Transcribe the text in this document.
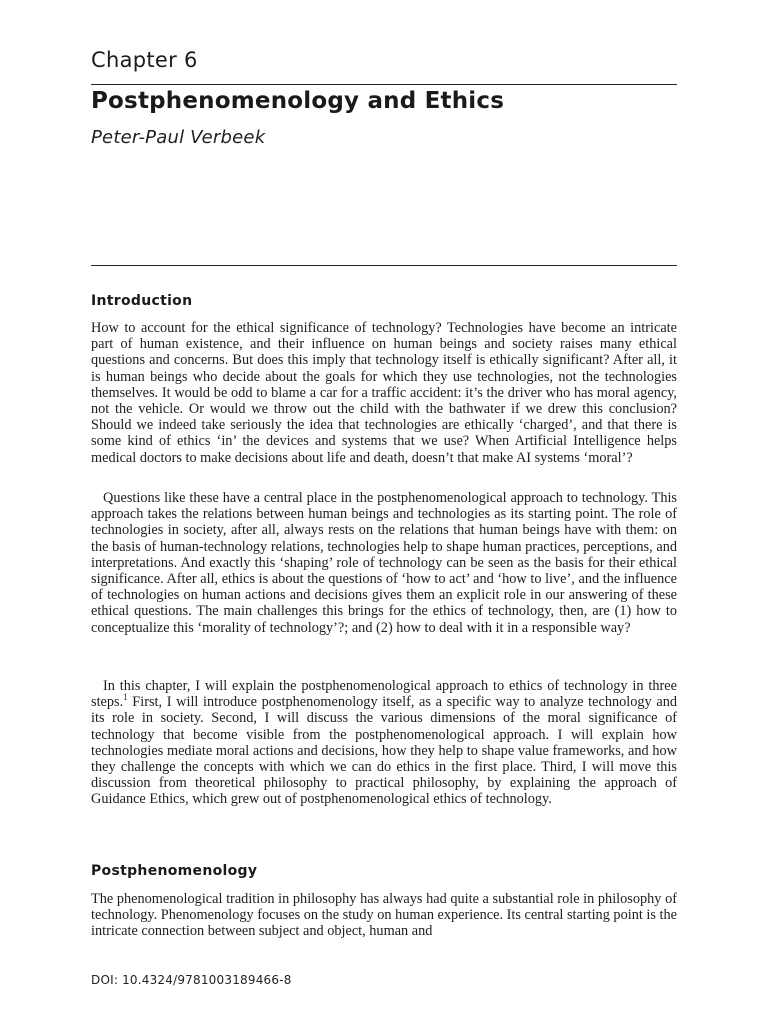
Chapter 6
Postphenomenology and Ethics
Peter-Paul Verbeek
Introduction

How to account for the ethical significance of technology? Technologies have become an intricate part of human existence, and their influence on human beings and society raises many ethical questions and concerns. But does this imply that technology itself is ethically significant? After all, it is human beings who decide about the goals for which they use technologies, not the technologies themselves. It would be odd to blame a car for a traffic accident: it’s the driver who has moral agency, not the vehicle. Or would we throw out the child with the bathwater if we drew this conclusion? Should we indeed take seriously the idea that technologies are ethically ‘charged’, and that there is some kind of ethics ‘in’ the devices and systems that we use? When Artificial Intelligence helps medical doctors to make decisions about life and death, doesn’t that make AI systems ‘moral’?

Questions like these have a central place in the postphenomenological approach to technology. This approach takes the relations between human beings and technologies as its starting point. The role of technologies in society, after all, always rests on the relations that human beings have with them: on the basis of human-technology relations, technologies help to shape human practices, perceptions, and interpretations. And exactly this ‘shaping’ role of technology can be seen as the basis for their ethical significance. After all, ethics is about the questions of ‘how to act’ and ‘how to live’, and the influence of technologies on human actions and decisions gives them an explicit role in our answering of these ethical questions. The main challenges this brings for the ethics of technology, then, are (1) how to conceptualize this ‘morality of technology’?; and (2) how to deal with it in a responsible way?

In this chapter, I will explain the postphenomenological approach to ethics of technology in three steps.$^1$ First, I will introduce postphenomenology itself, as a specific way to analyze technology and its role in society. Second, I will discuss the various dimensions of the moral significance of technology that become visible from the postphenomenological approach. I will explain how technologies mediate moral actions and decisions, how they help to shape value frameworks, and how they challenge the concepts with which we can do ethics in the first place. Third, I will move this discussion from theoretical philosophy to practical philosophy, by explaining the approach of Guidance Ethics, which grew out of postphenomenological ethics of technology.

Postphenomenology

The phenomenological tradition in philosophy has always had quite a substantial role in philosophy of technology. Phenomenology focuses on the study on human experience. Its central starting point is the intricate connection between subject and object, human and

DOI: 10.4324/9781003189466-8
